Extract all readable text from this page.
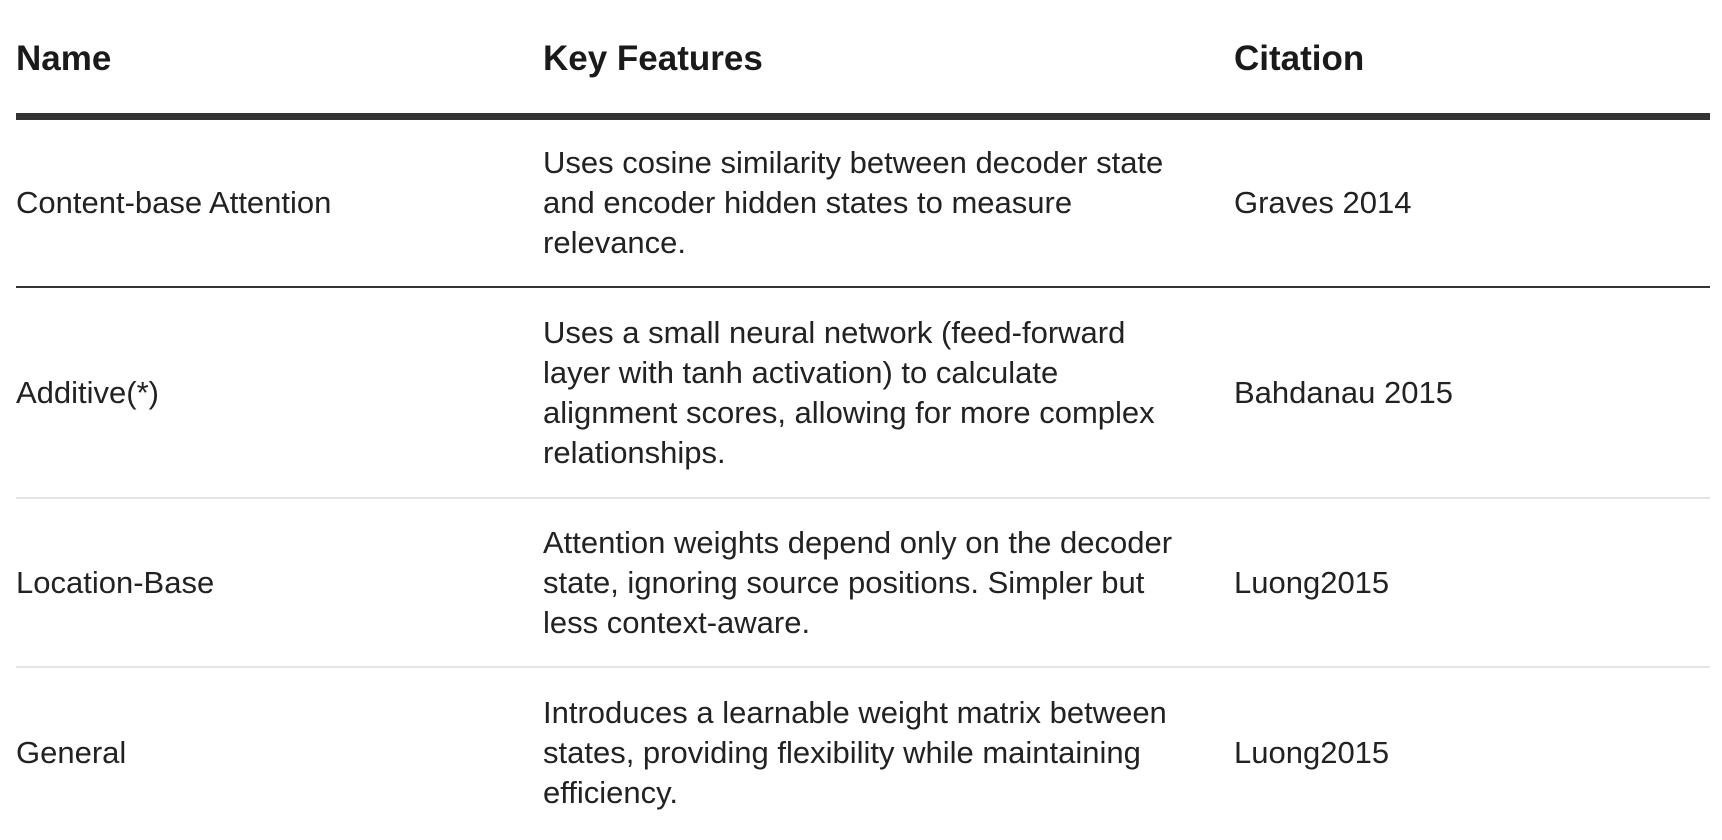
Name	Key Features	Citation
Content-base Attention	Uses cosine similarity between decoder state and encoder hidden states to measure relevance.	Graves 2014
Additive(*)	Uses a small neural network (feed-forward layer with tanh activation) to calculate alignment scores, allowing for more complex relationships.	Bahdanau 2015
Location-Base	Attention weights depend only on the decoder state, ignoring source positions. Simpler but less context-aware.	Luong2015
General	Introduces a learnable weight matrix between states, providing flexibility while maintaining efficiency.	Luong2015
